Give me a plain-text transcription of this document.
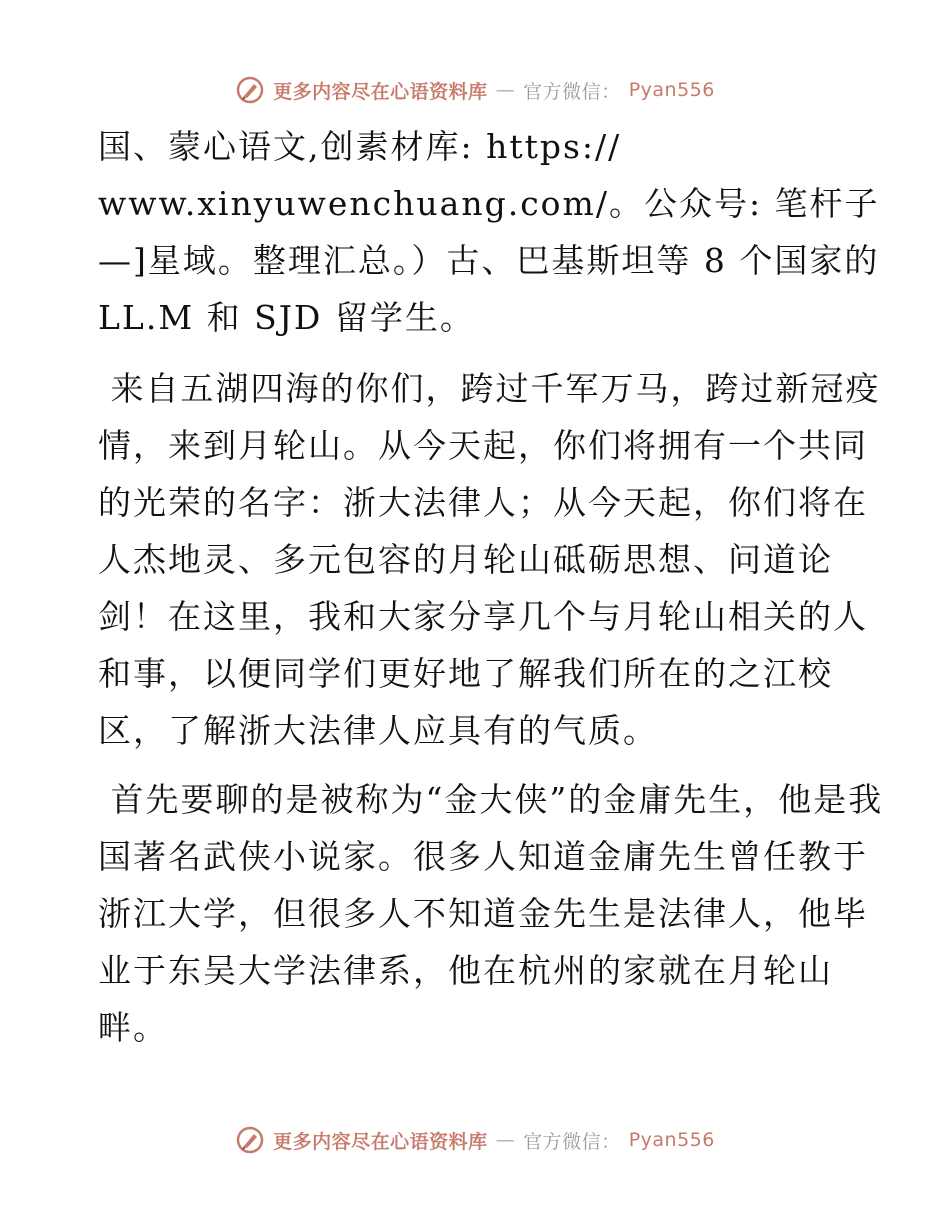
更多内容尽在心语资料库 — 官方微信： Pyan556

国、蒙心语文,创素材库: https://
www.xinyuwenchuang.com/。公众号: 笔杆子—]星域。整理汇总。）古、巴基斯坦等 8 个国家的 LL.M 和 SJD 留学生。

来自五湖四海的你们，跨过千军万马，跨过新冠疫情，来到月轮山。从今天起，你们将拥有一个共同的光荣的名字：浙大法律人；从今天起，你们将在人杰地灵、多元包容的月轮山砥砺思想、问道论剑！在这里，我和大家分享几个与月轮山相关的人和事，以便同学们更好地了解我们所在的之江校区，了解浙大法律人应具有的气质。

首先要聊的是被称为“金大侠”的金庸先生，他是我国著名武侠小说家。很多人知道金庸先生曾任教于浙江大学，但很多人不知道金先生是法律人，他毕业于东吴大学法律系，他在杭州的家就在月轮山畔。

更多内容尽在心语资料库 — 官方微信： Pyan556
